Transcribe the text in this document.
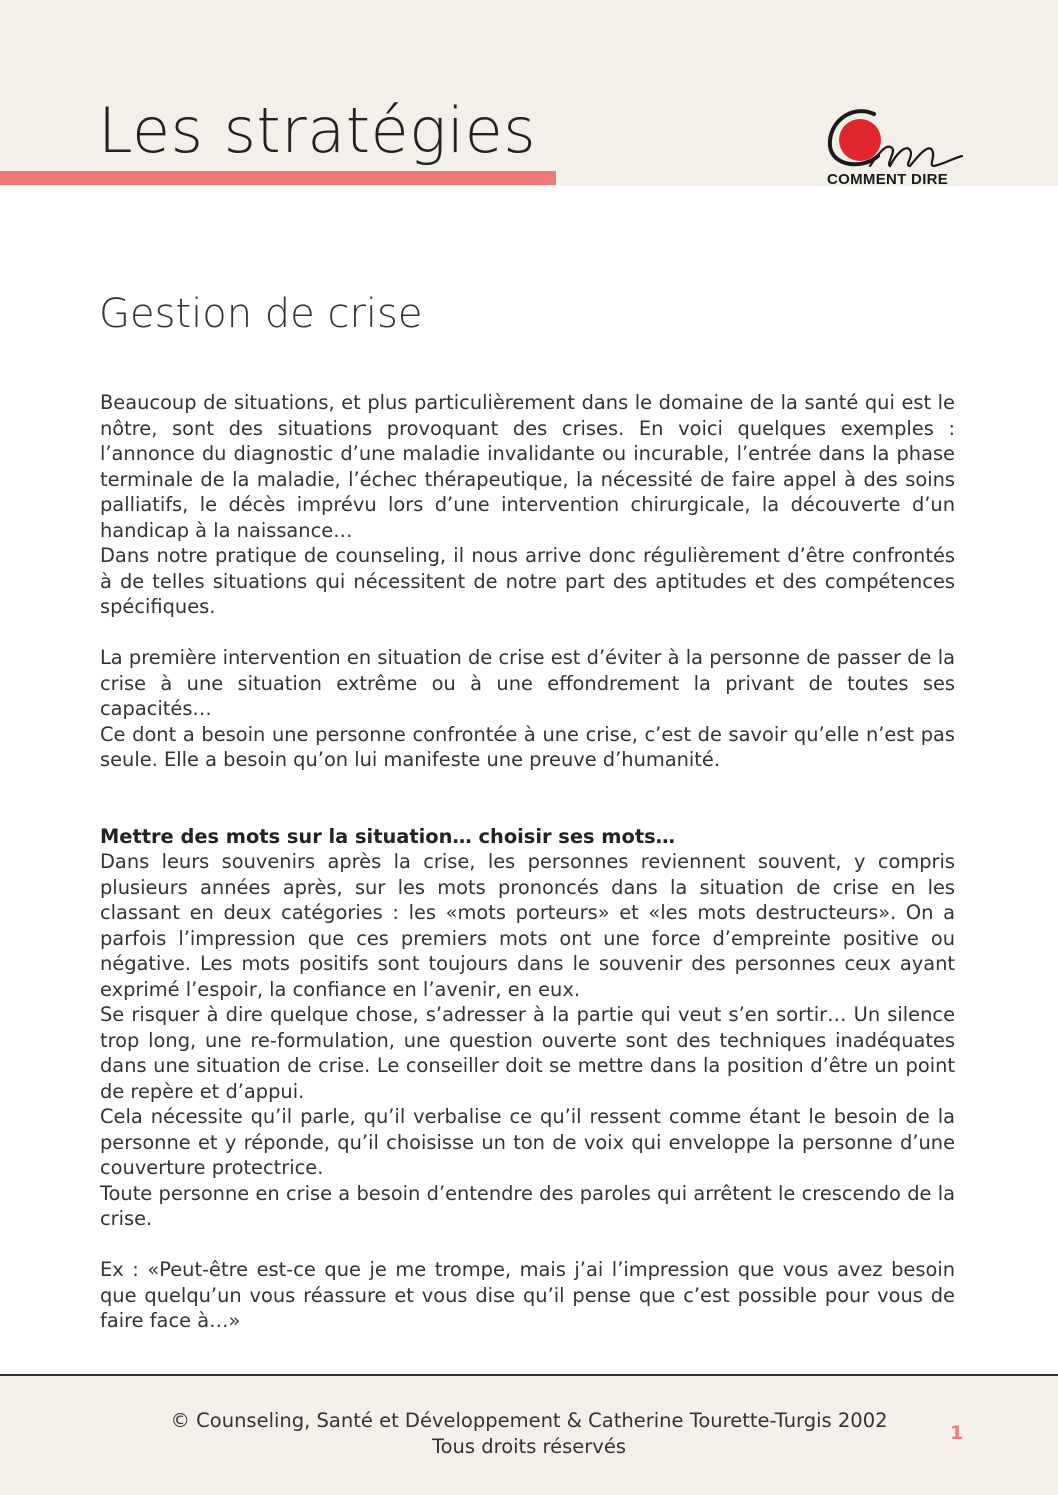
Les stratégies
COMMENT DIRE
Gestion de crise

Beaucoup de situations, et plus particulièrement dans le domaine de la santé qui est le nôtre, sont des situations provoquant des crises. En voici quelques exemples : l’annonce du diagnostic d’une maladie invalidante ou incurable, l’entrée dans la phase terminale de la maladie, l’échec thérapeutique, la nécessité de faire appel à des soins palliatifs, le décès imprévu lors d’une intervention chirurgicale, la découverte d’un handicap à la naissance…

Dans notre pratique de counseling, il nous arrive donc régulièrement d’être confrontés à de telles situations qui nécessitent de notre part des aptitudes et des compétences spécifiques.

La première intervention en situation de crise est d’éviter à la personne de passer de la crise à une situation extrême ou à une effondrement la privant de toutes ses capacités…

Ce dont a besoin une personne confrontée à une crise, c’est de savoir qu’elle n’est pas seule. Elle a besoin qu’on lui manifeste une preuve d’humanité.

Mettre des mots sur la situation… choisir ses mots…

Dans leurs souvenirs après la crise, les personnes reviennent souvent, y compris plusieurs années après, sur les mots prononcés dans la situation de crise en les classant en deux catégories : les «mots porteurs» et «les mots destructeurs». On a parfois l’impression que ces premiers mots ont une force d’empreinte positive ou négative. Les mots positifs sont toujours dans le souvenir des personnes ceux ayant exprimé l’espoir, la confiance en l’avenir, en eux.

Se risquer à dire quelque chose, s’adresser à la partie qui veut s’en sortir… Un silence trop long, une re-formulation, une question ouverte sont des techniques inadéquates dans une situation de crise. Le conseiller doit se mettre dans la position d’être un point de repère et d’appui.

Cela nécessite qu’il parle, qu’il verbalise ce qu’il ressent comme étant le besoin de la personne et y réponde, qu’il choisisse un ton de voix qui enveloppe la personne d’une couverture protectrice.

Toute personne en crise a besoin d’entendre des paroles qui arrêtent le crescendo de la crise.

Ex : «Peut-être est-ce que je me trompe, mais j’ai l’impression que vous avez besoin que quelqu’un vous réassure et vous dise qu’il pense que c’est possible pour vous de faire face à…»

© Counseling, Santé et Développement & Catherine Tourette-Turgis 2002
Tous droits réservés
1
